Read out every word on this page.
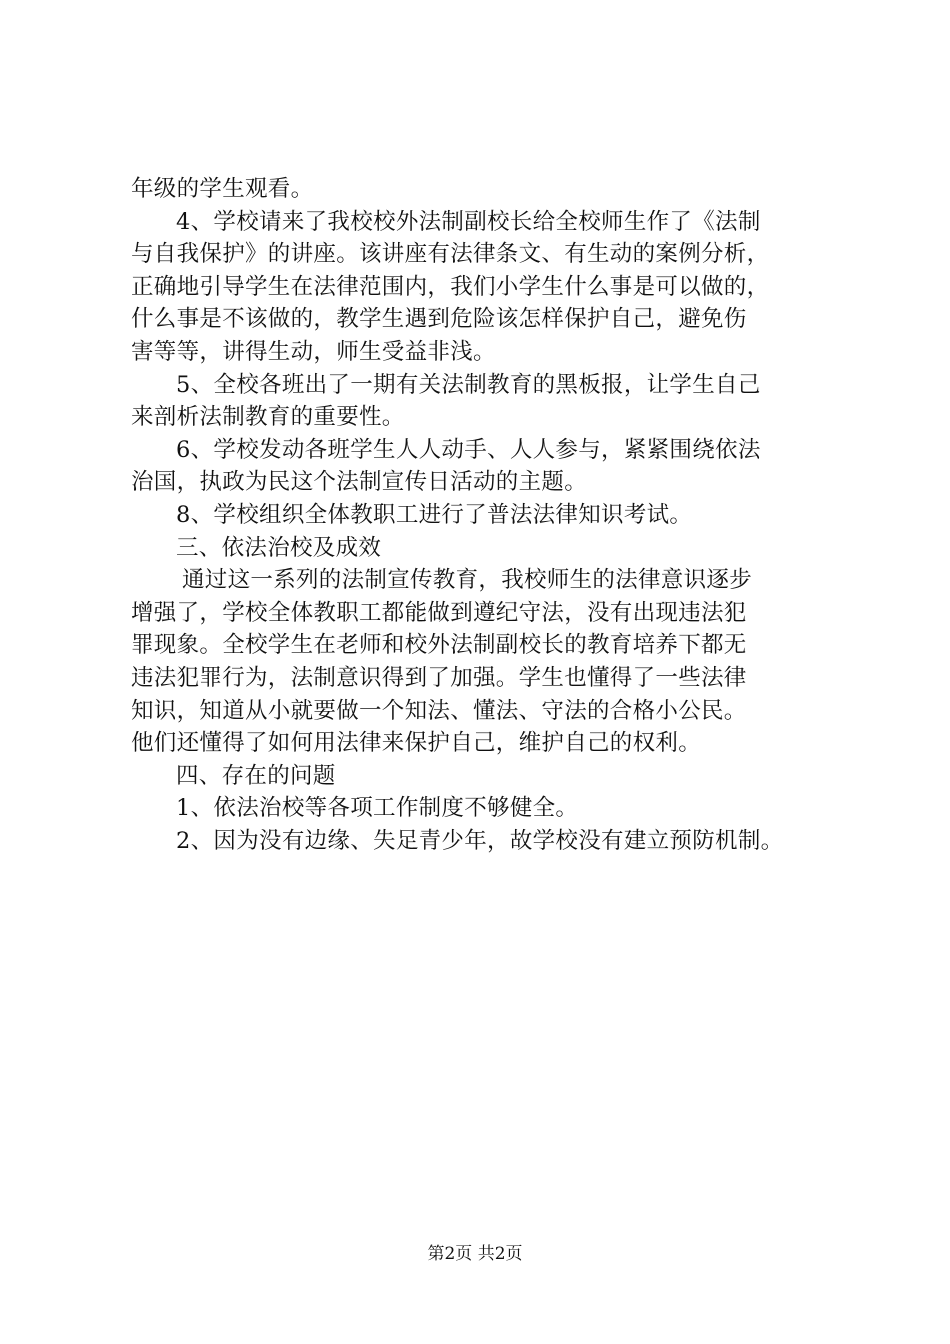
年级的学生观看。
4、学校请来了我校校外法制副校长给全校师生作了《法制
与自我保护》的讲座。该讲座有法律条文、有生动的案例分析，
正确地引导学生在法律范围内，我们小学生什么事是可以做的，
什么事是不该做的，教学生遇到危险该怎样保护自己，避免伤
害等等，讲得生动，师生受益非浅。
5、全校各班出了一期有关法制教育的黑板报，让学生自己
来剖析法制教育的重要性。
6、学校发动各班学生人人动手、人人参与，紧紧围绕依法
治国，执政为民这个法制宣传日活动的主题。
8、学校组织全体教职工进行了普法法律知识考试。
三、依法治校及成效
通过这一系列的法制宣传教育，我校师生的法律意识逐步
增强了，学校全体教职工都能做到遵纪守法，没有出现违法犯
罪现象。全校学生在老师和校外法制副校长的教育培养下都无
违法犯罪行为，法制意识得到了加强。学生也懂得了一些法律
知识，知道从小就要做一个知法、懂法、守法的合格小公民。
他们还懂得了如何用法律来保护自己，维护自己的权利。
四、存在的问题
1、依法治校等各项工作制度不够健全。
2、因为没有边缘、失足青少年，故学校没有建立预防机制。
第2页 共2页
